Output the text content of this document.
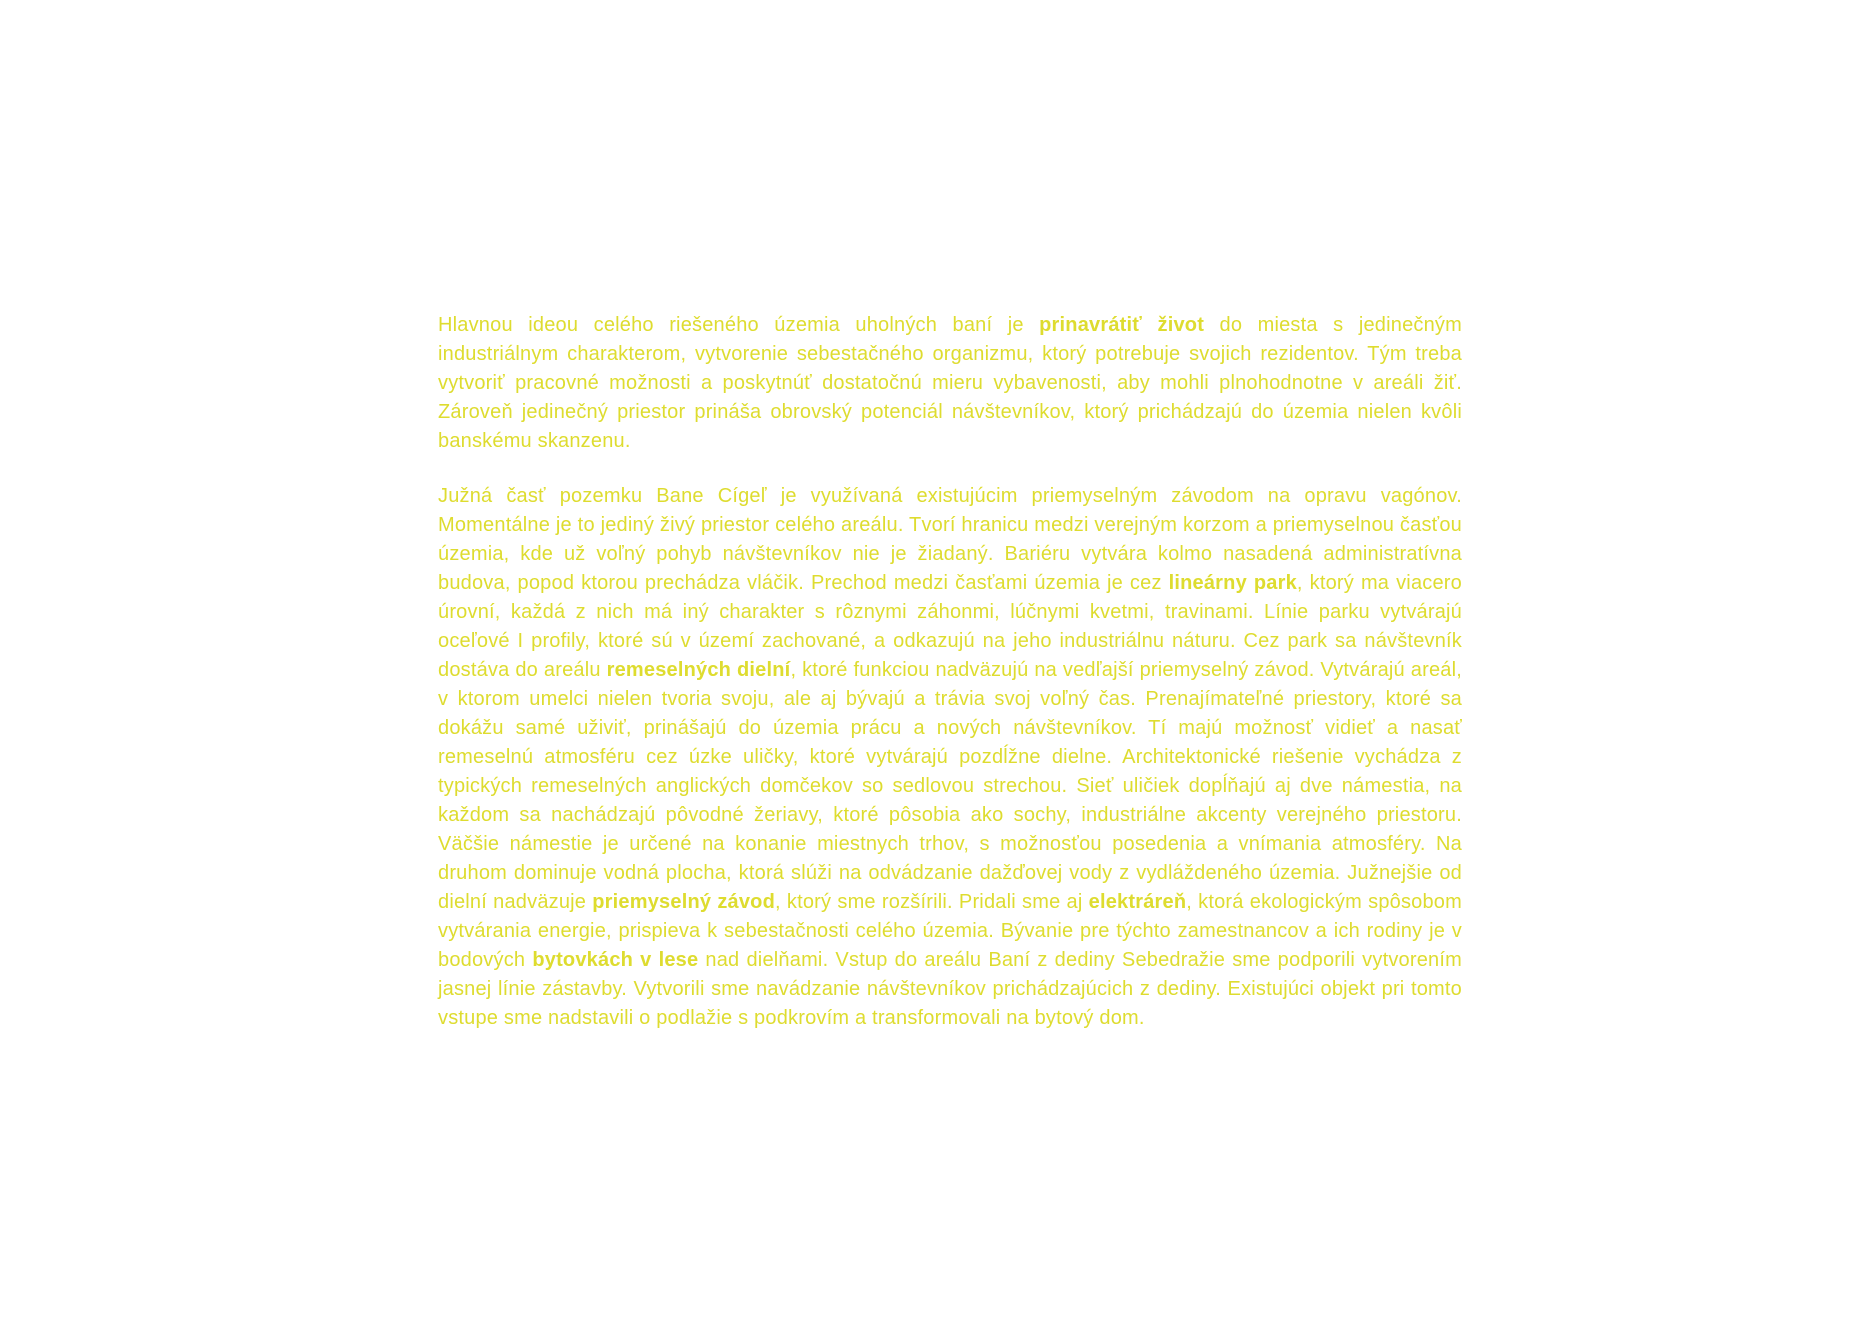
Hlavnou ideou celého riešeného územia uholných baní je prinavrátiť život do miesta s jedinečným industriálnym charakterom, vytvorenie sebestačného organizmu, ktorý potrebuje svojich rezidentov. Tým treba vytvoriť pracovné možnosti a poskytnúť dostatočnú mieru vybavenosti, aby mohli plnohodnotne v areáli žiť. Zároveň jedinečný priestor prináša obrovský potenciál návštevníkov, ktorý prichádzajú do územia nielen kvôli banskému skanzenu.

Južná časť pozemku Bane Cígeľ je využívaná existujúcim priemyselným závodom na opravu vagónov. Momentálne je to jediný živý priestor celého areálu. Tvorí hranicu medzi verejným korzom a priemyselnou časťou územia, kde už voľný pohyb návštevníkov nie je žiadaný. Bariéru vytvára kolmo nasadená administratívna budova, popod ktorou prechádza vláčik. Prechod medzi časťami územia je cez lineárny park, ktorý ma viacero úrovní, každá z nich má iný charakter s rôznymi záhonmi, lúčnymi kvetmi, travinami. Línie parku vytvárajú oceľové I profily, ktoré sú v území zachované, a odkazujú na jeho industriálnu náturu. Cez park sa návštevník dostáva do areálu remeselných dielní, ktoré funkciou nadväzujú na vedľajší priemyselný závod. Vytvárajú areál, v ktorom umelci nielen tvoria svoju, ale aj bývajú a trávia svoj voľný čas. Prenajímateľné priestory, ktoré sa dokážu samé uživiť, prinášajú do územia prácu a nových návštevníkov. Tí majú možnosť vidieť a nasať remeselnú atmosféru cez úzke uličky, ktoré vytvárajú pozdĺžne dielne. Architektonické riešenie vychádza z typických remeselných anglických domčekov so sedlovou strechou. Sieť uličiek dopĺňajú aj dve námestia, na každom sa nachádzajú pôvodné žeriavy, ktoré pôsobia ako sochy, industriálne akcenty verejného priestoru. Väčšie námestie je určené na konanie miestnych trhov, s možnosťou posedenia a vnímania atmosféry. Na druhom dominuje vodná plocha, ktorá slúži na odvádzanie dažďovej vody z vydláždeného územia. Južnejšie od dielní nadväzuje priemyselný závod, ktorý sme rozšírili. Pridali sme aj elektráreň, ktorá ekologickým spôsobom vytvárania energie, prispieva k sebestačnosti celého územia. Bývanie pre týchto zamestnancov a ich rodiny je v bodových bytovkách v lese nad dielňami. Vstup do areálu Baní z dediny Sebedražie sme podporili vytvorením jasnej línie zástavby. Vytvorili sme navádzanie návštevníkov prichádzajúcich z dediny. Existujúci objekt pri tomto vstupe sme nadstavili o podlažie s podkrovím a transformovali na bytový dom.
